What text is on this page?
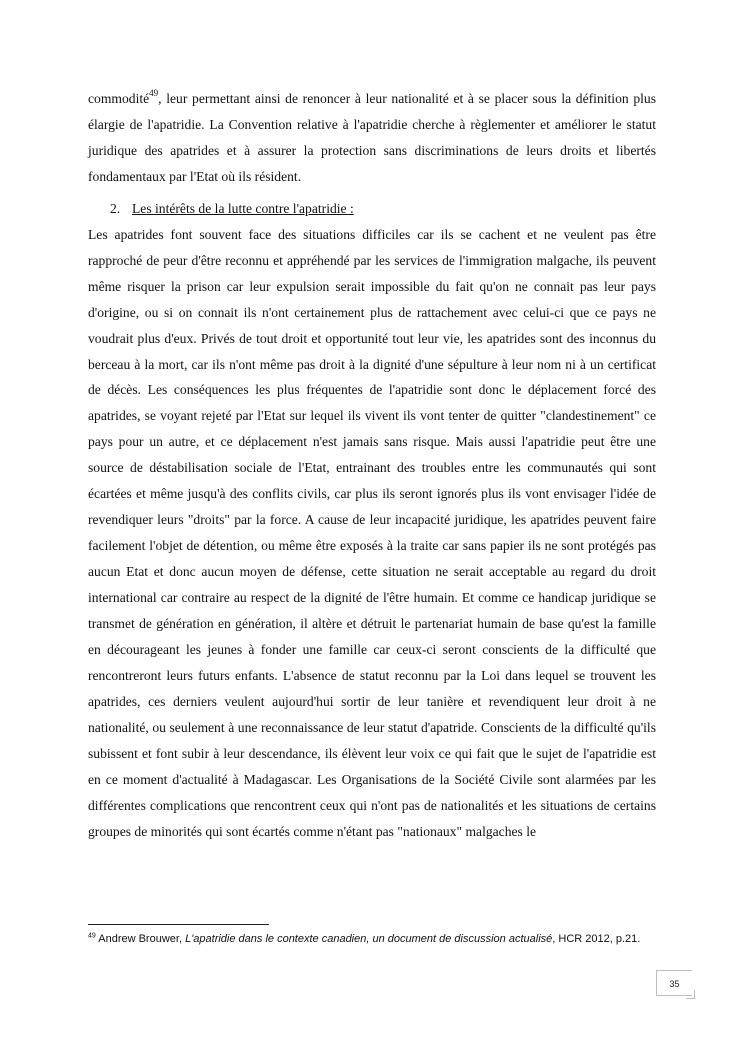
commodité$^{49}$, leur permettant ainsi de renoncer à leur nationalité et à se placer sous la définition plus élargie de l'apatridie. La Convention relative à l'apatridie cherche à règlementer et améliorer le statut juridique des apatrides et à assurer la protection sans discriminations de leurs droits et libertés fondamentaux par l'Etat où ils résident.

2. Les intérêts de la lutte contre l'apatridie :

Les apatrides font souvent face des situations difficiles car ils se cachent et ne veulent pas être rapproché de peur d'être reconnu et appréhendé par les services de l'immigration malgache, ils peuvent même risquer la prison car leur expulsion serait impossible du fait qu'on ne connait pas leur pays d'origine, ou si on connait ils n'ont certainement plus de rattachement avec celui-ci que ce pays ne voudrait plus d'eux. Privés de tout droit et opportunité tout leur vie, les apatrides sont des inconnus du berceau à la mort, car ils n'ont même pas droit à la dignité d'une sépulture à leur nom ni à un certificat de décès. Les conséquences les plus fréquentes de l'apatridie sont donc le déplacement forcé des apatrides, se voyant rejeté par l'Etat sur lequel ils vivent ils vont tenter de quitter "clandestinement" ce pays pour un autre, et ce déplacement n'est jamais sans risque. Mais aussi l'apatridie peut être une source de déstabilisation sociale de l'Etat, entrainant des troubles entre les communautés qui sont écartées et même jusqu'à des conflits civils, car plus ils seront ignorés plus ils vont envisager l'idée de revendiquer leurs "droits" par la force. A cause de leur incapacité juridique, les apatrides peuvent faire facilement l'objet de détention, ou même être exposés à la traite car sans papier ils ne sont protégés pas aucun Etat et donc aucun moyen de défense, cette situation ne serait acceptable au regard du droit international car contraire au respect de la dignité de l'être humain. Et comme ce handicap juridique se transmet de génération en génération, il altère et détruit le partenariat humain de base qu'est la famille en décourageant les jeunes à fonder une famille car ceux-ci seront conscients de la difficulté que rencontreront leurs futurs enfants. L'absence de statut reconnu par la Loi dans lequel se trouvent les apatrides, ces derniers veulent aujourd'hui sortir de leur tanière et revendiquent leur droit à ne nationalité, ou seulement à une reconnaissance de leur statut d'apatride. Conscients de la difficulté qu'ils subissent et font subir à leur descendance, ils élèvent leur voix ce qui fait que le sujet de l'apatridie est en ce moment d'actualité à Madagascar. Les Organisations de la Société Civile sont alarmées par les différentes complications que rencontrent ceux qui n'ont pas de nationalités et les situations de certains groupes de minorités qui sont écartés comme n'étant pas "nationaux" malgaches le

$^{49}$ Andrew Brouwer, L'apatridie dans le contexte canadien, un document de discussion actualisé, HCR 2012, p.21.
35
